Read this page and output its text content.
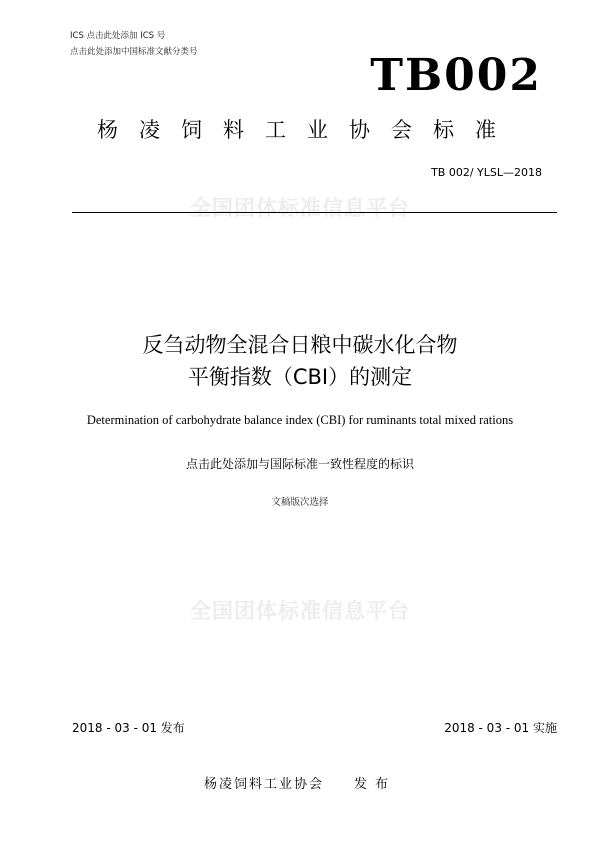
全国团体标准信息平台
全国团体标准信息平台
ICS 点击此处添加 ICS 号
点击此处添加中国标准文献分类号	TB002
杨凌饲料工业协会标准
TB 002/ YLSL—2018
反刍动物全混合日粮中碳水化合物
平衡指数（CBI）的测定
Determination of carbohydrate balance index (CBI) for ruminants total mixed rations
点击此处添加与国际标准一致性程度的标识
文稿版次选择
2018 - 03 - 01 发布	2018 - 03 - 01 实施
杨凌饲料工业协会 发布
